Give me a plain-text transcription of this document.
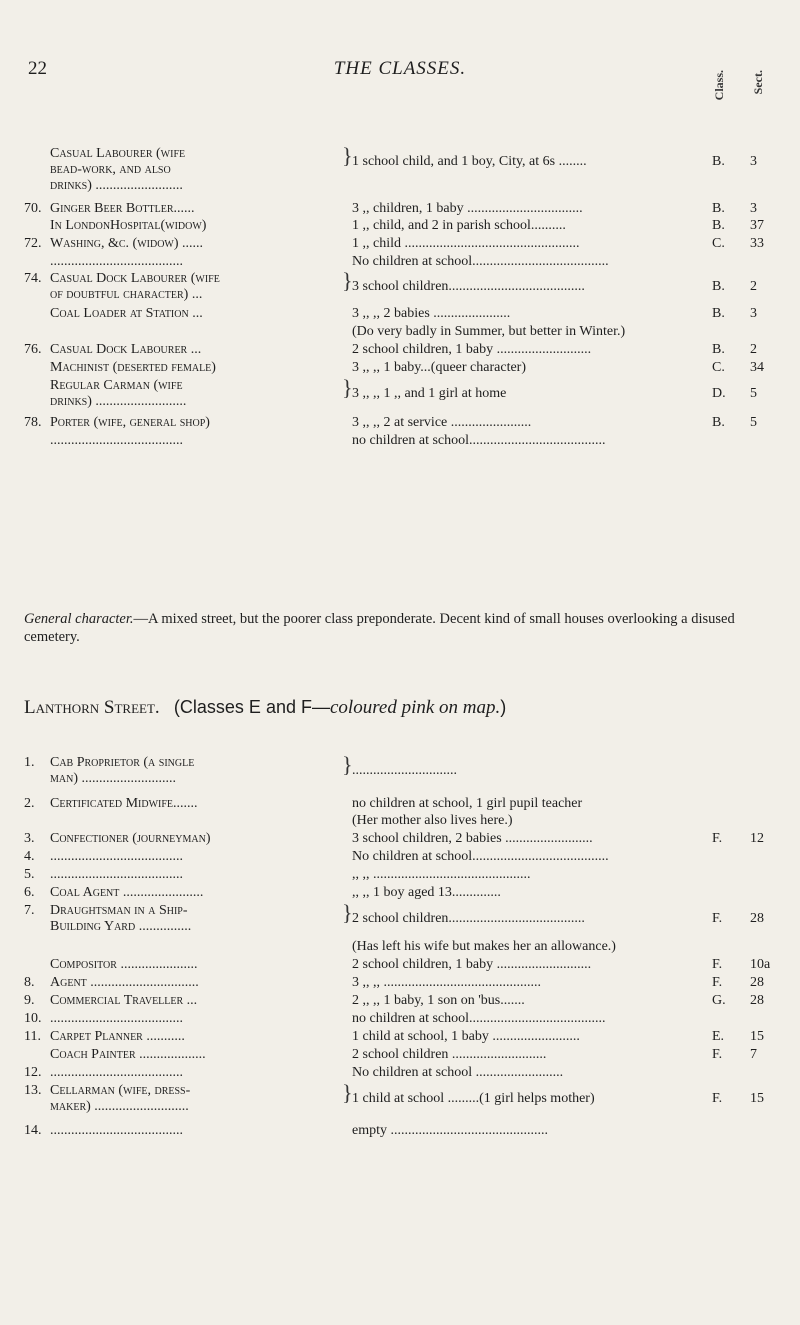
22	THE CLASSES.
Class. Sect.
Casual Labourer (wife
bead-work, and also
drinks) .........................
} 1 school child, and 1 boy, City, at 6s ........	B. 3
70. Ginger Beer Bottler......	3 ,, children, 1 baby .................................	B. 3
In LondonHospital(widow)	1 ,, child, and 2 in parish school..........	B. 37
72. Washing, &c. (widow) ......	1 ,, child ..................................................	C. 33
......................................	No children at school.......................................
74. Casual Dock Labourer (wife
of doubtful character) ...
} 3 school children.......................................	B. 2
Coal Loader at Station ...	3 ,, ,, 2 babies ......................	B. 3
(Do very badly in Summer, but better in Winter.)
76. Casual Dock Labourer ...	2 school children, 1 baby ...........................	B. 2
Machinist (deserted female)	3 ,, ,, 1 baby...(queer character)	C. 34
Regular Carman (wife
drinks) ..........................
} 3 ,, ,, 1 ,, and 1 girl at home	D. 5
78. Porter (wife, general shop)	3 ,, ,, 2 at service .......................	B. 5
......................................	no children at school.......................................
General character.—A mixed street, but the poorer class preponderate. Decent kind of small houses overlooking a disused cemetery.
Lanthorn Street. (Classes E and F—coloured pink on map.)
1. Cab Proprietor (a single
man) ...........................
} ..............................
2. Certificated Midwife.......	no children at school, 1 girl pupil teacher
(Her mother also lives here.)
3. Confectioner (journeyman)	3 school children, 2 babies .........................	F. 12
4. ......................................	No children at school.......................................
5. ......................................	,, ,, .............................................
6. Coal Agent .......................	,, ,, 1 boy aged 13..............
7. Draughtsman in a Ship-
Building Yard ...............
} 2 school children.......................................	F. 28
(Has left his wife but makes her an allowance.)
Compositor ......................	2 school children, 1 baby ...........................	F. 10a
8. Agent ...............................	3 ,, ,, .............................................	F. 28
9. Commercial Traveller ...	2 ,, ,, 1 baby, 1 son on 'bus.......	G. 28
10. ......................................	no children at school.......................................
11. Carpet Planner ...........	1 child at school, 1 baby .........................	E. 15
Coach Painter ...................	2 school children ...........................	F. 7
12. ......................................	No children at school .........................
13. Cellarman (wife, dress-
maker) ...........................
} 1 child at school .........(1 girl helps mother)	F. 15
14. ......................................	empty .............................................
